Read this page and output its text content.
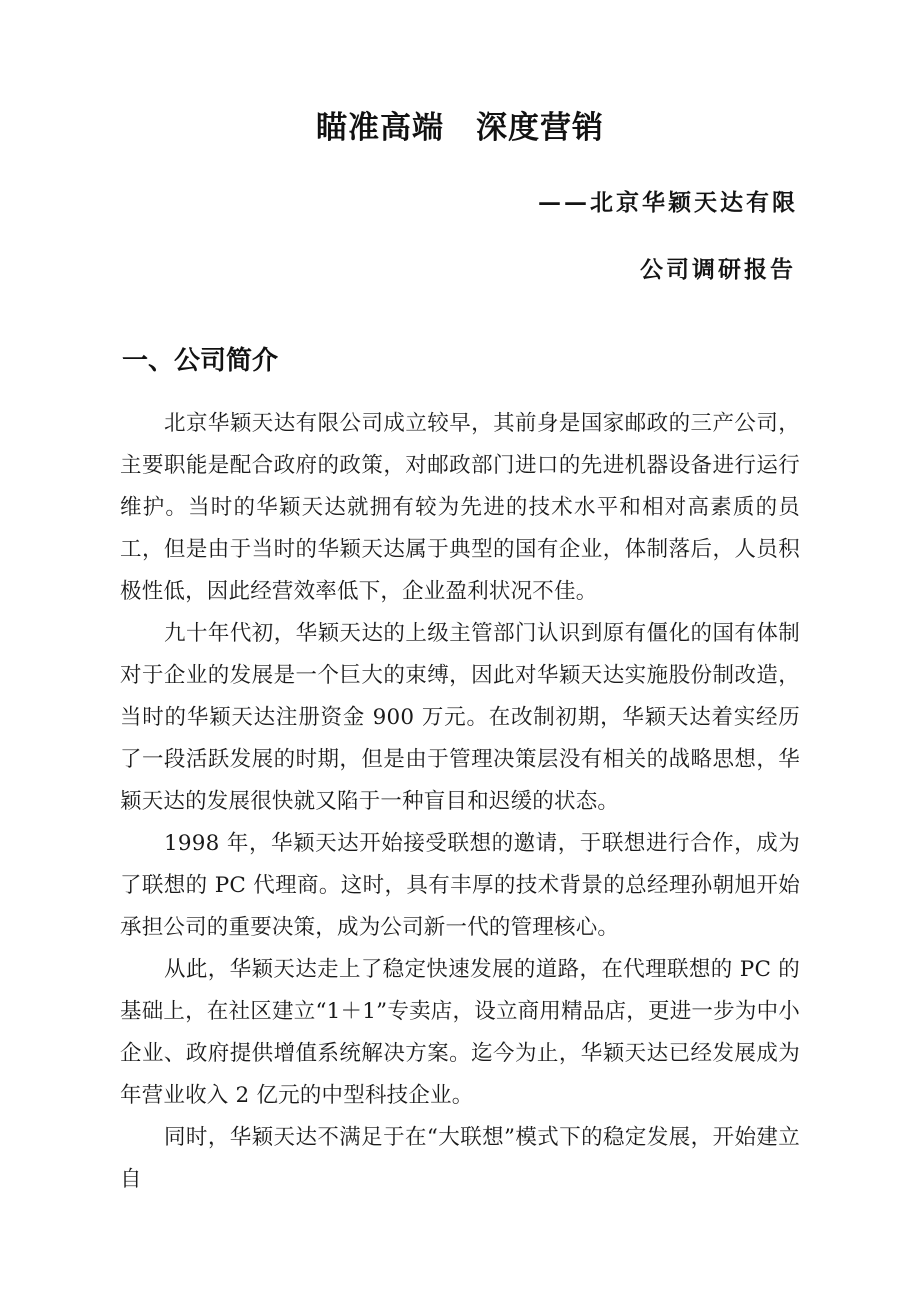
瞄准高端　深度营销
——北京华颖天达有限
公司调研报告
一、公司简介

北京华颖天达有限公司成立较早，其前身是国家邮政的三产公司，主要职能是配合政府的政策，对邮政部门进口的先进机器设备进行运行维护。当时的华颖天达就拥有较为先进的技术水平和相对高素质的员工，但是由于当时的华颖天达属于典型的国有企业，体制落后，人员积极性低，因此经营效率低下，企业盈利状况不佳。

九十年代初，华颖天达的上级主管部门认识到原有僵化的国有体制对于企业的发展是一个巨大的束缚，因此对华颖天达实施股份制改造，当时的华颖天达注册资金 900 万元。在改制初期，华颖天达着实经历了一段活跃发展的时期，但是由于管理决策层没有相关的战略思想，华颖天达的发展很快就又陷于一种盲目和迟缓的状态。

1998 年，华颖天达开始接受联想的邀请，于联想进行合作，成为了联想的 PC 代理商。这时，具有丰厚的技术背景的总经理孙朝旭开始承担公司的重要决策，成为公司新一代的管理核心。

从此，华颖天达走上了稳定快速发展的道路，在代理联想的 PC 的基础上，在社区建立“1＋1”专卖店，设立商用精品店，更进一步为中小企业、政府提供增值系统解决方案。迄今为止，华颖天达已经发展成为年营业收入 2 亿元的中型科技企业。

同时，华颖天达不满足于在“大联想”模式下的稳定发展，开始建立自
